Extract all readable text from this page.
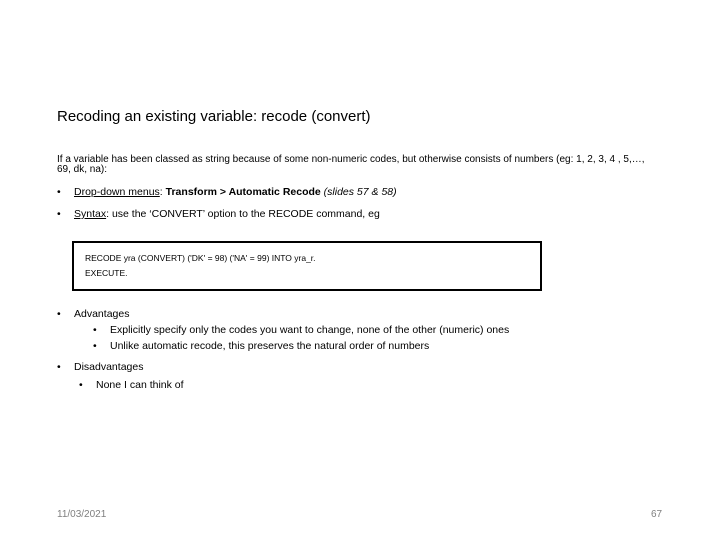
Recoding an existing variable: recode (convert)
If a variable has been classed as string because of some non-numeric codes, but otherwise consists of numbers (eg: 1, 2, 3, 4 , 5,…, 69, dk, na):
• Drop-down menus: Transform > Automatic Recode (slides 57 & 58)
• Syntax: use the ‘CONVERT’ option to the RECODE command, eg
RECODE yra (CONVERT) ('DK' = 98) ('NA' = 99) INTO yra_r.
EXECUTE.
• Advantages
• Explicitly specify only the codes you want to change, none of the other (numeric) ones
• Unlike automatic recode, this preserves the natural order of numbers
• Disadvantages
• None I can think of
11/03/2021	67
